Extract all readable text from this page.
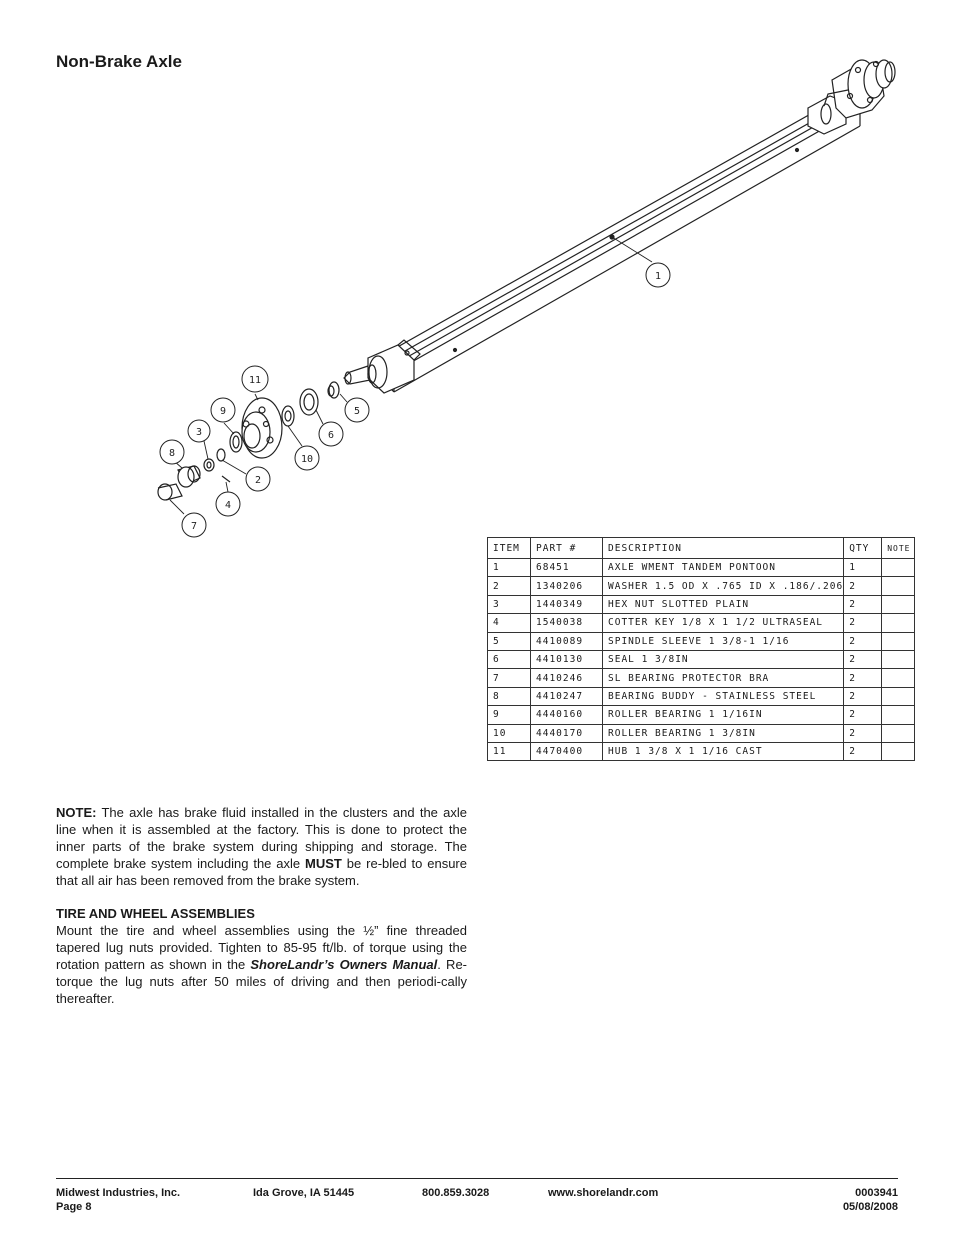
Non-Brake Axle
1
5
6
10
11
9
3
2
4
8
7
ITEM	PART #	DESCRIPTION	QTY	NOTE
1	68451	AXLE WMENT TANDEM PONTOON	1	
2	1340206	WASHER 1.5 OD X .765 ID X .186/.206	2	
3	1440349	HEX NUT SLOTTED PLAIN	2	
4	1540038	COTTER KEY 1/8 X 1 1/2 ULTRASEAL	2	
5	4410089	SPINDLE SLEEVE 1 3/8-1 1/16	2	
6	4410130	SEAL 1 3/8IN	2	
7	4410246	SL BEARING PROTECTOR BRA	2	
8	4410247	BEARING BUDDY - STAINLESS STEEL	2	
9	4440160	ROLLER BEARING 1 1/16IN	2	
10	4440170	ROLLER BEARING 1 3/8IN	2	
11	4470400	HUB 1 3/8 X 1 1/16 CAST	2	
NOTE: The axle has brake fluid installed in the clusters and the axle line when it is assembled at the factory. This is done to protect the inner parts of the brake system during shipping and storage. The complete brake system including the axle MUST be re-bled to ensure that all air has been removed from the brake system.
TIRE AND WHEEL ASSEMBLIES
Mount the tire and wheel assemblies using the ½” fine threaded tapered lug nuts provided. Tighten to 85-95 ft/lb. of torque using the rotation pattern as shown in the ShoreLandr’s Owners Manual. Re-torque the lug nuts after 50 miles of driving and then periodi-cally thereafter.
Midwest Industries, Inc.
Page 8
Ida Grove, IA 51445	800.859.3028	www.shorelandr.com	0003941
05/08/2008
